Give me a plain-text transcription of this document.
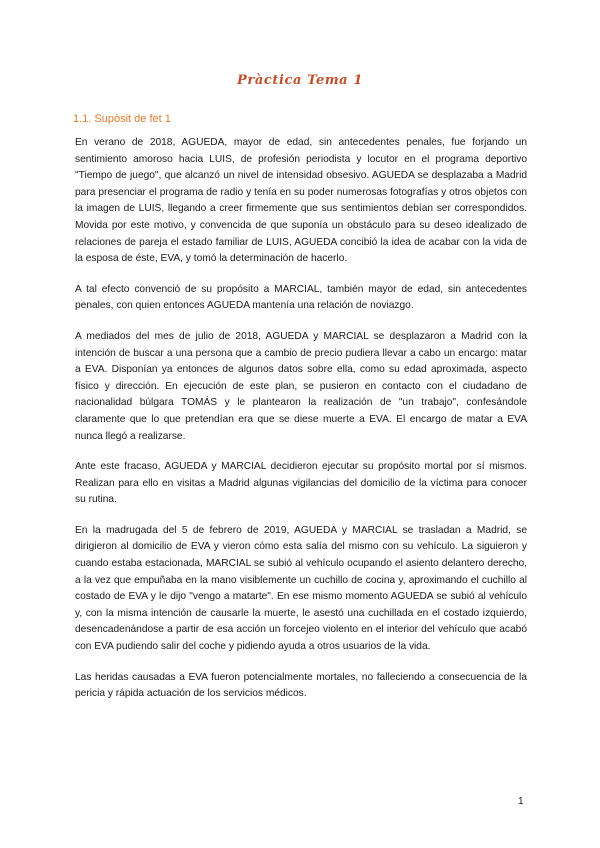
Pràctica Tema 1
1.1. Supòsit de fet 1

En verano de 2018, AGUEDA, mayor de edad, sin antecedentes penales, fue forjando un sentimiento amoroso hacia LUIS, de profesión periodista y locutor en el programa deportivo "Tiempo de juego", que alcanzó un nivel de intensidad obsesivo. AGUEDA se desplazaba a Madrid para presenciar el programa de radio y tenía en su poder numerosas fotografías y otros objetos con la imagen de LUIS, llegando a creer firmemente que sus sentimientos debían ser correspondidos. Movida por este motivo, y convencida de que suponía un obstáculo para su deseo idealizado de relaciones de pareja el estado familiar de LUIS, AGUEDA concibió la idea de acabar con la vida de la esposa de éste, EVA, y tomó la determinación de hacerlo.

A tal efecto convenció de su propósito a MARCIAL, también mayor de edad, sin antecedentes penales, con quien entonces AGUEDA mantenía una relación de noviazgo.

A mediados del mes de julio de 2018, AGUEDA y MARCIAL se desplazaron a Madrid con la intención de buscar a una persona que a cambio de precio pudiera llevar a cabo un encargo: matar a EVA. Disponían ya entonces de algunos datos sobre ella, como su edad aproximada, aspecto físico y dirección. En ejecución de este plan, se pusieron en contacto con el ciudadano de nacionalidad búlgara TOMÁS y le plantearon la realización de "un trabajo", confesándole claramente que lo que pretendían era que se diese muerte a EVA. El encargo de matar a EVA nunca llegó a realizarse.

Ante este fracaso, AGUEDA y MARCIAL decidieron ejecutar su propósito mortal por sí mismos. Realizan para ello en visitas a Madrid algunas vigilancias del domicilio de la víctima para conocer su rutina.

En la madrugada del 5 de febrero de 2019, AGUEDA y MARCIAL se trasladan a Madrid, se dirigieron al domicilio de EVA y vieron cómo esta salía del mismo con su vehículo. La siguieron y cuando estaba estacionada, MARCIAL se subió al vehículo ocupando el asiento delantero derecho, a la vez que empuñaba en la mano visiblemente un cuchillo de cocina y, aproximando el cuchillo al costado de EVA y le dijo "vengo a matarte". En ese mismo momento AGUEDA se subió al vehículo y, con la misma intención de causarle la muerte, le asestó una cuchillada en el costado izquierdo, desencadenándose a partir de esa acción un forcejeo violento en el interior del vehículo que acabó con EVA pudiendo salir del coche y pidiendo ayuda a otros usuarios de la vida.

Las heridas causadas a EVA fueron potencialmente mortales, no falleciendo a consecuencia de la pericia y rápida actuación de los servicios médicos.

1
